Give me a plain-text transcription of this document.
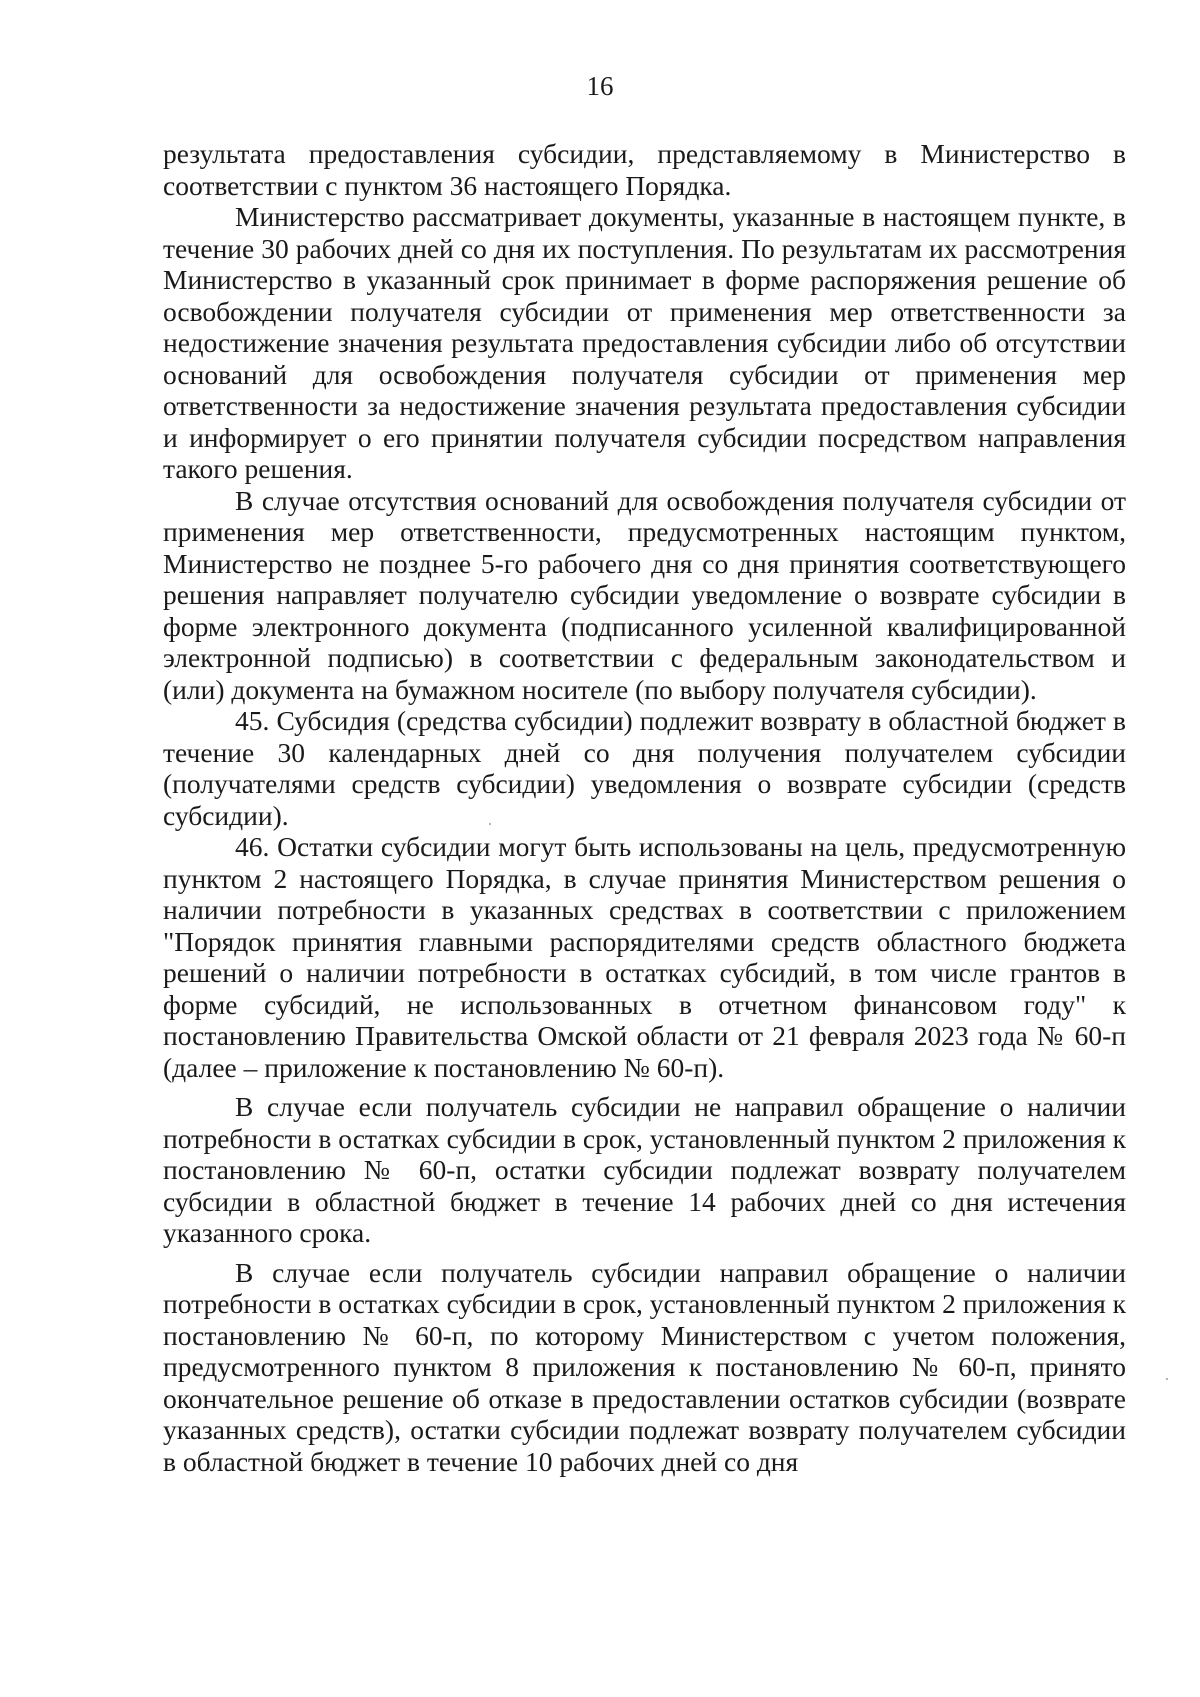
16

результата предоставления субсидии, представляемому в Министерство в соответствии с пунктом 36 настоящего Порядка.

Министерство рассматривает документы, указанные в настоящем пункте, в течение 30 рабочих дней со дня их поступления. По результатам их рассмотрения Министерство в указанный срок принимает в форме распоряжения решение об освобождении получателя субсидии от применения мер ответственности за недостижение значения результата предоставления субсидии либо об отсутствии оснований для освобождения получателя субсидии от применения мер ответственности за недостижение значения результата предоставления субсидии и информирует о его принятии получателя субсидии посредством направления такого решения.

В случае отсутствия оснований для освобождения получателя субсидии от применения мер ответственности, предусмотренных настоящим пунктом, Министерство не позднее 5-го рабочего дня со дня принятия соответствующего решения направляет получателю субсидии уведомление о возврате субсидии в форме электронного документа (подписанного усиленной квалифицированной электронной подписью) в соответствии с федеральным законодательством и (или) документа на бумажном носителе (по выбору получателя субсидии).

45. Субсидия (средства субсидии) подлежит возврату в областной бюджет в течение 30 календарных дней со дня получения получателем субсидии (получателями средств субсидии) уведомления о возврате субсидии (средств субсидии).

46. Остатки субсидии могут быть использованы на цель, предусмотренную пунктом 2 настоящего Порядка, в случае принятия Министерством решения о наличии потребности в указанных средствах в соответствии с приложением "Порядок принятия главными распорядителями средств областного бюджета решений о наличии потребности в остатках субсидий, в том числе грантов в форме субсидий, не использованных в отчетном финансовом году" к постановлению Правительства Омской области от 21 февраля 2023 года № 60-п (далее – приложение к постановлению № 60-п).

В случае если получатель субсидии не направил обращение о наличии потребности в остатках субсидии в срок, установленный пунктом 2 приложения к постановлению № 60-п, остатки субсидии подлежат возврату получателем субсидии в областной бюджет в течение 14 рабочих дней со дня истечения указанного срока.

В случае если получатель субсидии направил обращение о наличии потребности в остатках субсидии в срок, установленный пунктом 2 приложения к постановлению № 60-п, по которому Министерством с учетом положения, предусмотренного пунктом 8 приложения к постановлению № 60-п, принято окончательное решение об отказе в предоставлении остатков субсидии (возврате указанных средств), остатки субсидии подлежат возврату получателем субсидии в областной бюджет в течение 10 рабочих дней со дня
